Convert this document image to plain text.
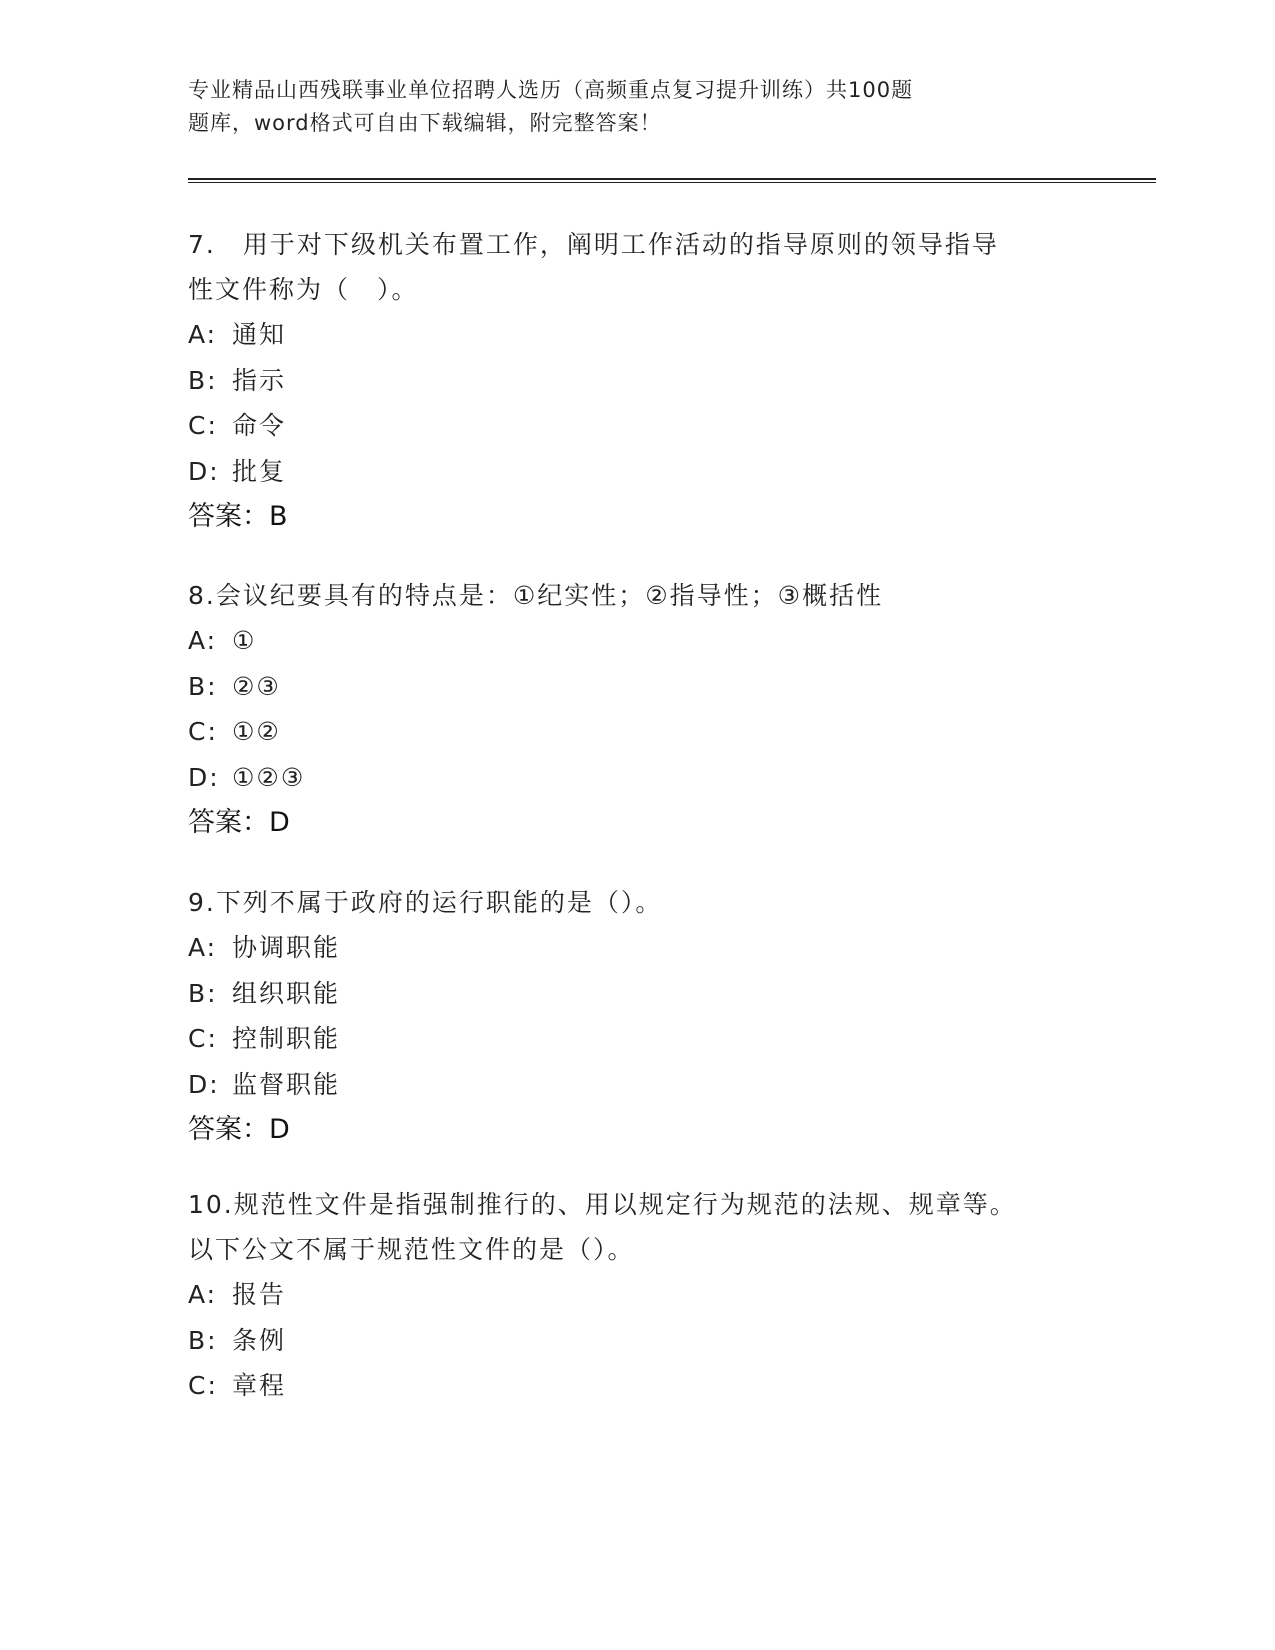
专业精品山西残联事业单位招聘人选历（高频重点复习提升训练）共100题
题库，word格式可自由下载编辑，附完整答案！

7.　用于对下级机关布置工作，阐明工作活动的指导原则的领导指导

性文件称为（　）。

A: 通知

B: 指示

C: 命令

D: 批复

答案：B

8.会议纪要具有的特点是：①纪实性；②指导性；③概括性

A: ①

B: ②③

C: ①②

D: ①②③

答案：D

9.下列不属于政府的运行职能的是（）。

A: 协调职能

B: 组织职能

C: 控制职能

D: 监督职能

答案：D

10.规范性文件是指强制推行的、用以规定行为规范的法规、规章等。

以下公文不属于规范性文件的是（）。

A: 报告

B: 条例

C: 章程
